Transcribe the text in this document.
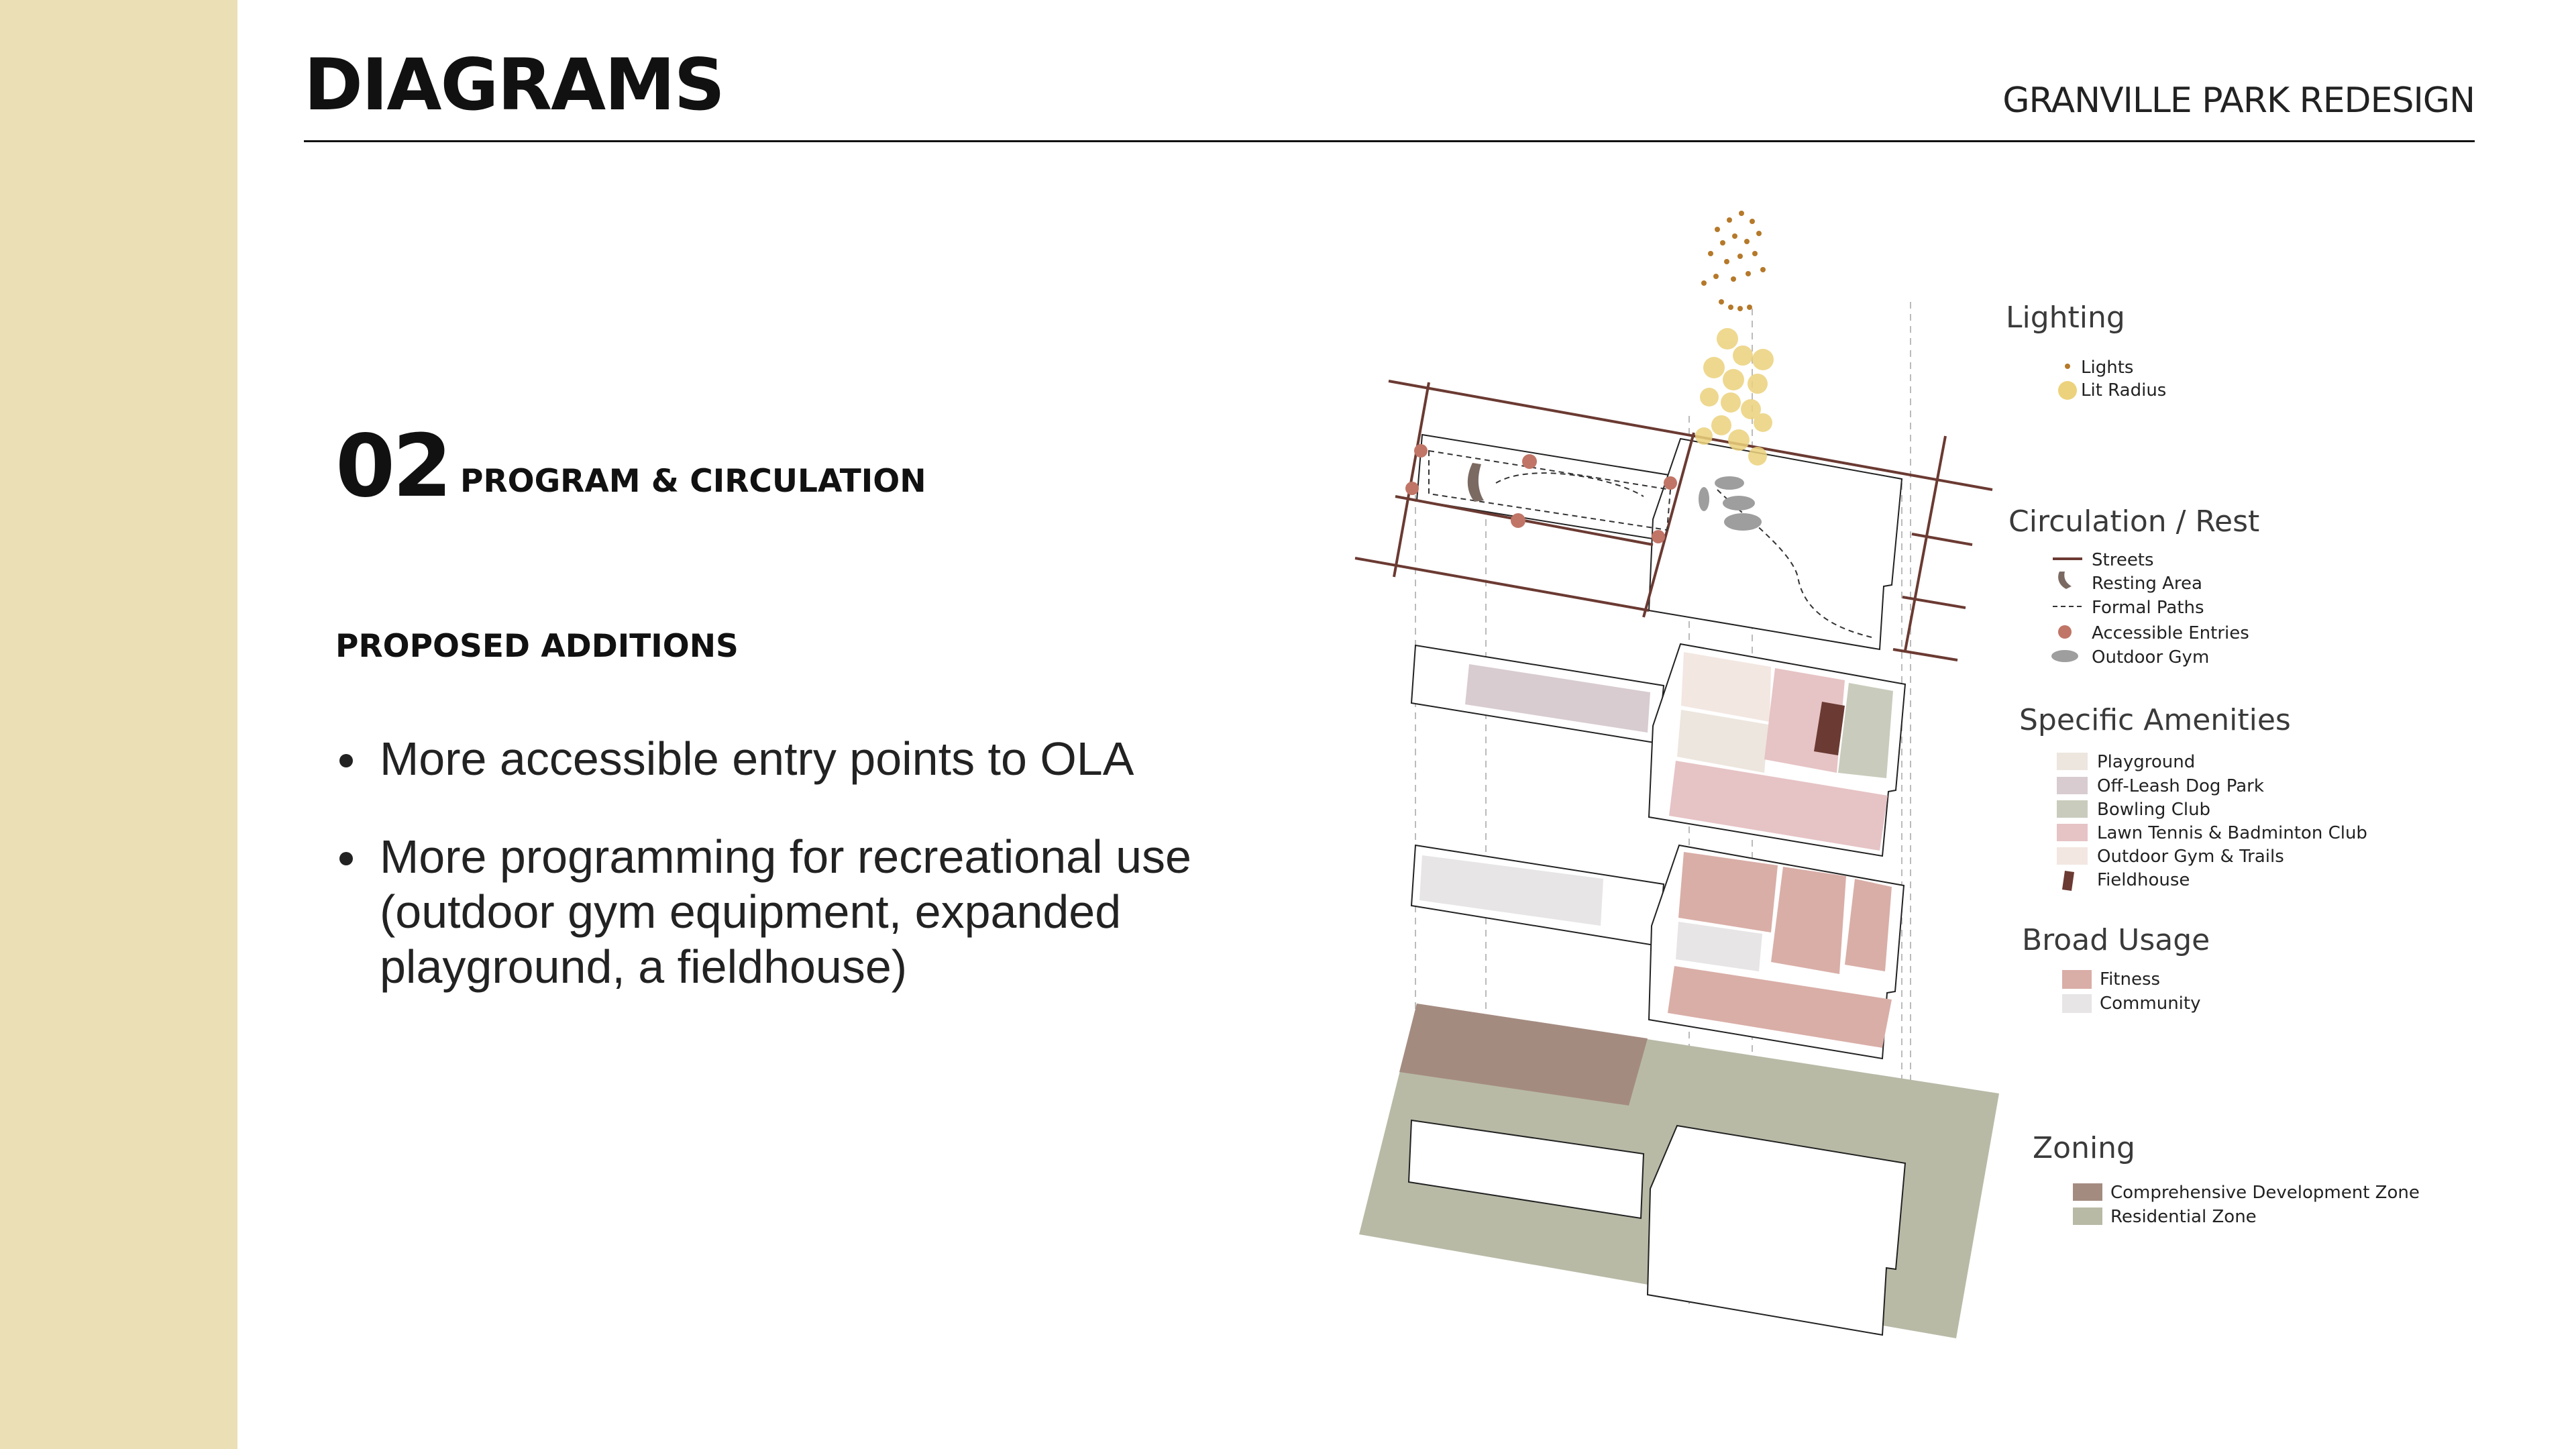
DIAGRAMS	GRANVILLE PARK REDESIGN
02 PROGRAM & CIRCULATION
PROPOSED ADDITIONS
More accessible entry points to OLA
More programming for recreational use (outdoor gym equipment, expanded playground, a fieldhouse)
Lighting
Lights
Lit Radius
Circulation / Rest
Streets
Resting Area
Formal Paths
Accessible Entries
Outdoor Gym
Specific Amenities
Playground
Off-Leash Dog Park
Bowling Club
Lawn Tennis & Badminton Club
Outdoor Gym & Trails
Fieldhouse
Broad Usage
Fitness
Community
Zoning
Comprehensive Development Zone
Residential Zone
